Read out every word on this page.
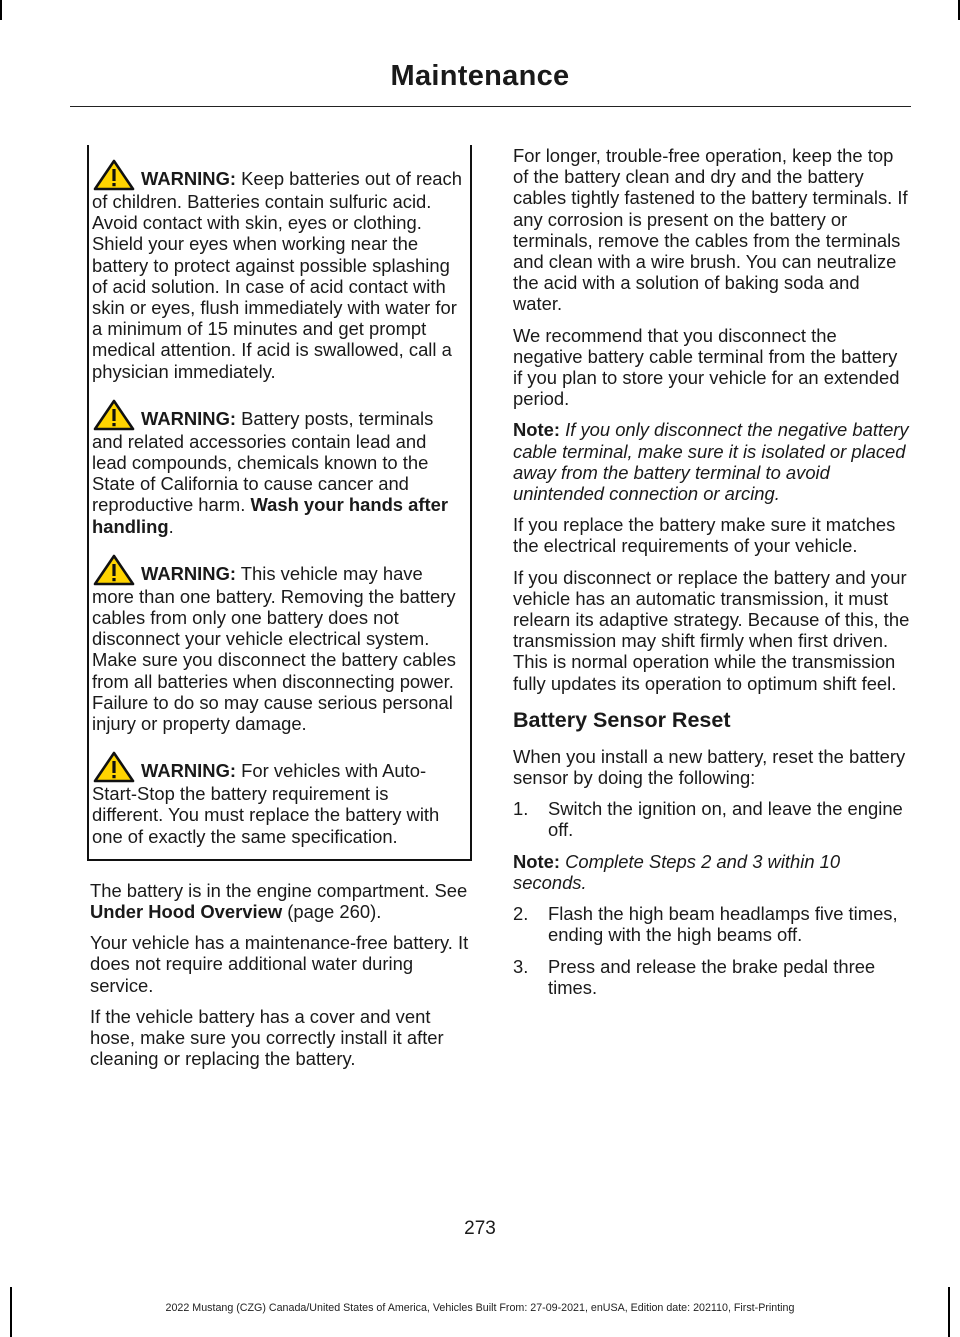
Maintenance
WARNING: Keep batteries out of reach of children. Batteries contain sulfuric acid. Avoid contact with skin, eyes or clothing. Shield your eyes when working near the battery to protect against possible splashing of acid solution. In case of acid contact with skin or eyes, flush immediately with water for a minimum of 15 minutes and get prompt medical attention. If acid is swallowed, call a physician immediately.
WARNING: Battery posts, terminals and related accessories contain lead and lead compounds, chemicals known to the State of California to cause cancer and reproductive harm. Wash your hands after handling.
WARNING: This vehicle may have more than one battery. Removing the battery cables from only one battery does not disconnect your vehicle electrical system. Make sure you disconnect the battery cables from all batteries when disconnecting power. Failure to do so may cause serious personal injury or property damage.
WARNING: For vehicles with Auto-Start-Stop the battery requirement is different. You must replace the battery with one of exactly the same specification.

The battery is in the engine compartment. See Under Hood Overview (page 260).

Your vehicle has a maintenance-free battery. It does not require additional water during service.

If the vehicle battery has a cover and vent hose, make sure you correctly install it after cleaning or replacing the battery.

For longer, trouble-free operation, keep the top of the battery clean and dry and the battery cables tightly fastened to the battery terminals. If any corrosion is present on the battery or terminals, remove the cables from the terminals and clean with a wire brush. You can neutralize the acid with a solution of baking soda and water.

We recommend that you disconnect the negative battery cable terminal from the battery if you plan to store your vehicle for an extended period.

Note: If you only disconnect the negative battery cable terminal, make sure it is isolated or placed away from the battery terminal to avoid unintended connection or arcing.

If you replace the battery make sure it matches the electrical requirements of your vehicle.

If you disconnect or replace the battery and your vehicle has an automatic transmission, it must relearn its adaptive strategy. Because of this, the transmission may shift firmly when first driven. This is normal operation while the transmission fully updates its operation to optimum shift feel.

Battery Sensor Reset

When you install a new battery, reset the battery sensor by doing the following:

1. Switch the ignition on, and leave the engine off.

Note: Complete Steps 2 and 3 within 10 seconds.

2. Flash the high beam headlamps five times, ending with the high beams off.
3. Press and release the brake pedal three times.
273
2022 Mustang (CZG) Canada/United States of America, Vehicles Built From: 27-09-2021, enUSA, Edition date: 202110, First-Printing
